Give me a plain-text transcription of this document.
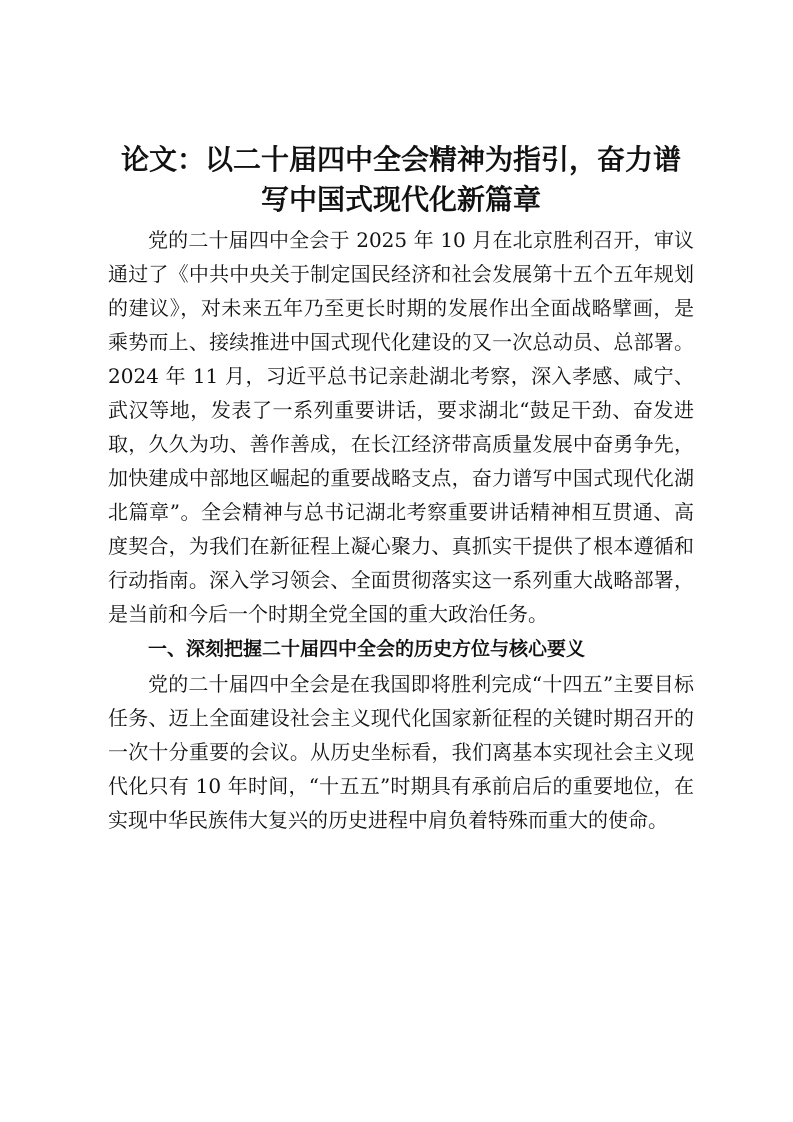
论文：以二十届四中全会精神为指引，奋力谱
写中国式现代化新篇章

党的二十届四中全会于 2025 年 10 月在北京胜利召开，审议通过了《中共中央关于制定国民经济和社会发展第十五个五年规划的建议》，对未来五年乃至更长时期的发展作出全面战略擘画，是乘势而上、接续推进中国式现代化建设的又一次总动员、总部署。2024 年 11 月，习近平总书记亲赴湖北考察，深入孝感、咸宁、武汉等地，发表了一系列重要讲话，要求湖北“鼓足干劲、奋发进取，久久为功、善作善成，在长江经济带高质量发展中奋勇争先，加快建成中部地区崛起的重要战略支点，奋力谱写中国式现代化湖北篇章”。全会精神与总书记湖北考察重要讲话精神相互贯通、高度契合，为我们在新征程上凝心聚力、真抓实干提供了根本遵循和行动指南。深入学习领会、全面贯彻落实这一系列重大战略部署，是当前和今后一个时期全党全国的重大政治任务。

一、深刻把握二十届四中全会的历史方位与核心要义

党的二十届四中全会是在我国即将胜利完成“十四五”主要目标任务、迈上全面建设社会主义现代化国家新征程的关键时期召开的一次十分重要的会议。从历史坐标看，我们离基本实现社会主义现代化只有 10 年时间，“十五五”时期具有承前启后的重要地位，在实现中华民族伟大复兴的历史进程中肩负着特殊而重大的使命。
